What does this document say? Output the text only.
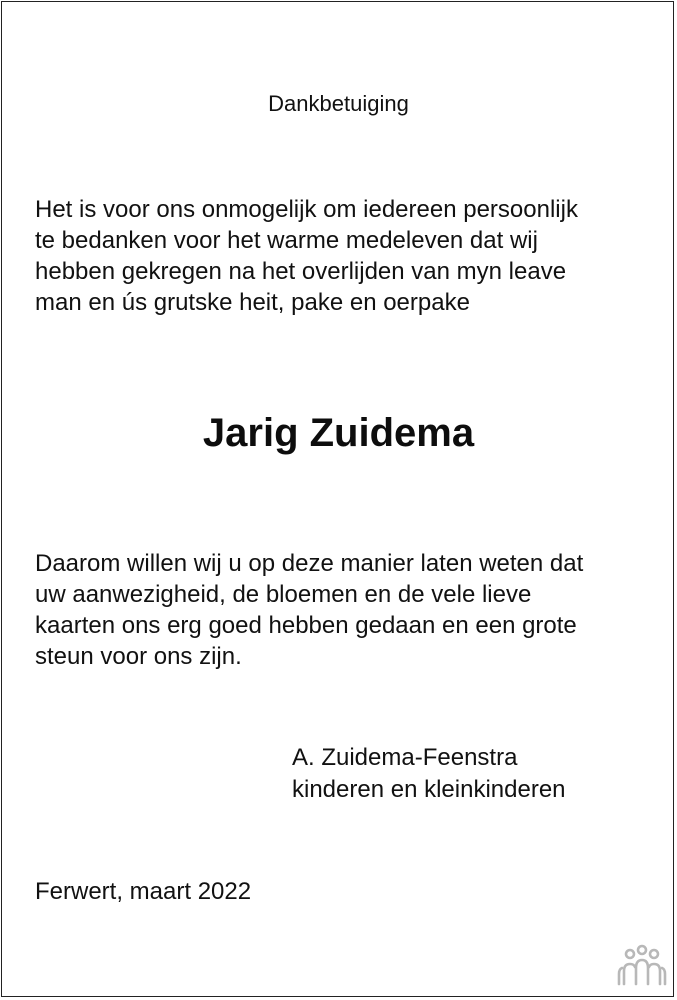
Dankbetuiging

Het is voor ons onmogelijk om iedereen persoonlijk
te bedanken voor het warme medeleven dat wij
hebben gekregen na het overlijden van myn leave
man en ús grutske heit, pake en oerpake

Jarig Zuidema

Daarom willen wij u op deze manier laten weten dat
uw aanwezigheid, de bloemen en de vele lieve
kaarten ons erg goed hebben gedaan en een grote
steun voor ons zijn.

A. Zuidema-Feenstra
kinderen en kleinkinderen
Ferwert, maart 2022
